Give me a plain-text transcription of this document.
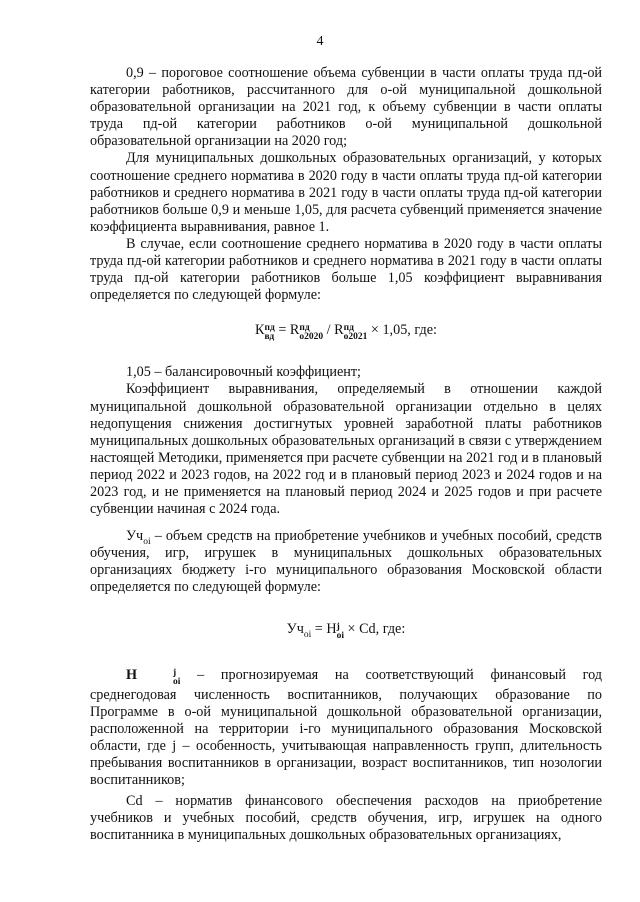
4

0,9 – пороговое соотношение объема субвенции в части оплаты труда пд-ой категории работников, рассчитанного для о-ой муниципальной дошкольной образовательной организации на 2021 год, к объему субвенции в части оплаты труда пд-ой категории работников о-ой муниципальной дошкольной образовательной организации на 2020 год;

Для муниципальных дошкольных образовательных организаций, у которых соотношение среднего норматива в 2020 году в части оплаты труда пд-ой категории работников и среднего норматива в 2021 году в части оплаты труда пд-ой категории работников больше 0,9 и меньше 1,05, для расчета субвенций применяется значение коэффициента выравнивания, равное 1.

В случае, если соотношение среднего норматива в 2020 году в части оплаты труда пд-ой категории работников и среднего норматива в 2021 году в части оплаты труда пд-ой категории работников больше 1,05 коэффициент выравнивания определяется по следующей формуле:

К пд
вд = R пд
о2020 / R пд
о2021 × 1,05, где:

1,05 – балансировочный коэффициент;

Коэффициент выравнивания, определяемый в отношении каждой муниципальной дошкольной образовательной организации отдельно в целях недопущения снижения достигнутых уровней заработной платы работников муниципальных дошкольных образовательных организаций в связи с утверждением настоящей Методики, применяется при расчете субвенции на 2021 год и в плановый период 2022 и 2023 годов, на 2022 год и в плановый период 2023 и 2024 годов и на 2023 год, и не применяется на плановый период 2024 и 2025 годов и при расчете субвенции начиная с 2024 года.

$Уч_{oi}$ – объем средств на приобретение учебников и учебных пособий, средств обучения, игр, игрушек в муниципальных дошкольных образовательных организациях бюджету i-го муниципального образования Московской области определяется по следующей формуле:

$Уч_{oi} = Н$ j
oi × Cd, где:

Н	j
oi – прогнозируемая на соответствующий финансовый год среднегодовая численность воспитанников, получающих образование по Программе в о-ой муниципальной дошкольной образовательной организации, расположенной на территории i-го муниципального образования Московской области, где j – особенность, учитывающая направленность групп, длительность пребывания воспитанников в организации, возраст воспитанников, тип нозологии воспитанников;

Cd – норматив финансового обеспечения расходов на приобретение учебников и учебных пособий, средств обучения, игр, игрушек на одного воспитанника в муниципальных дошкольных образовательных организациях,
